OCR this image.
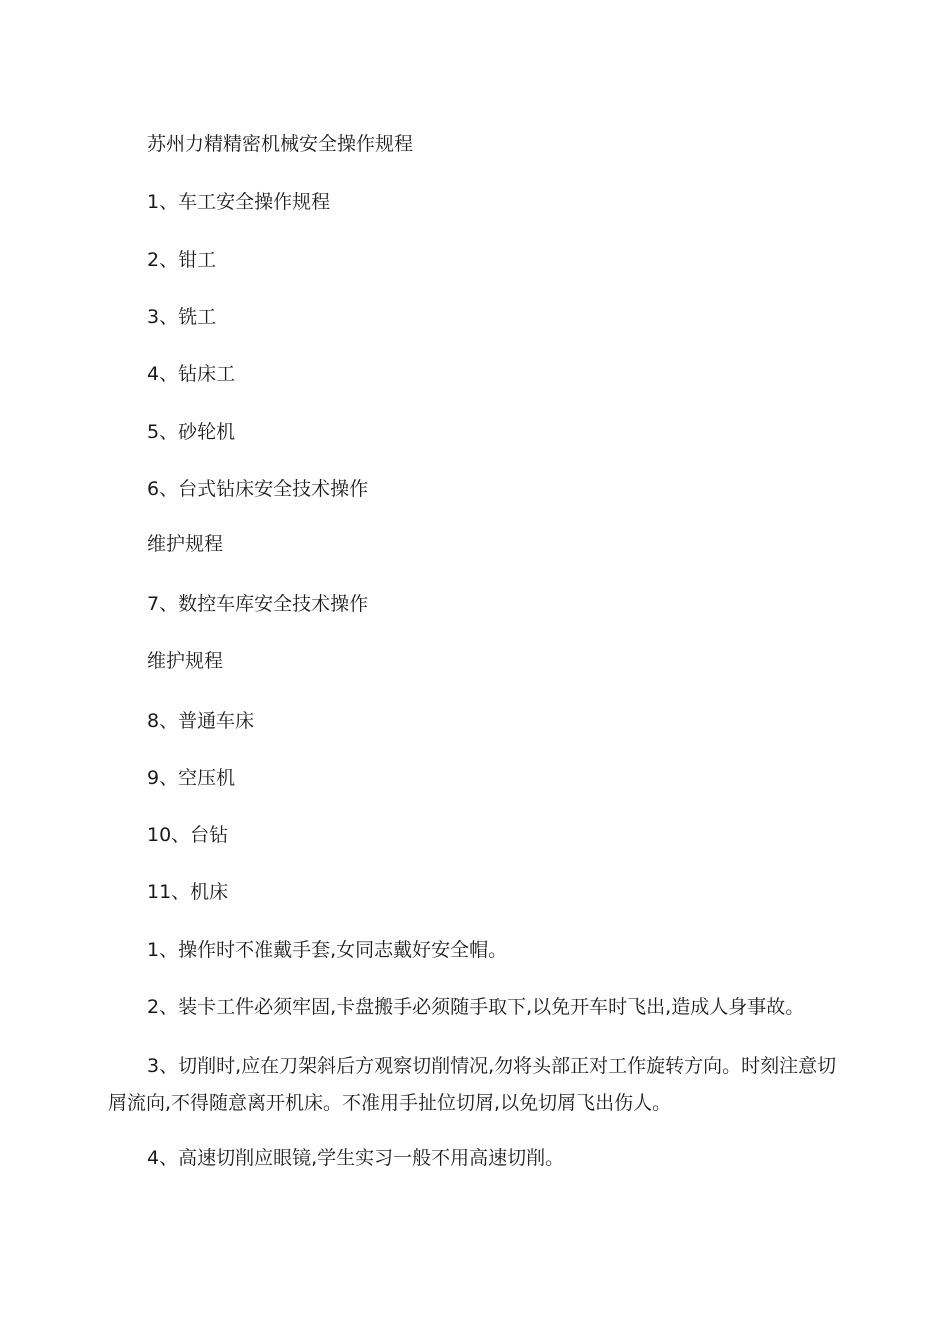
苏州力精精密机械安全操作规程
1、车工安全操作规程
2、钳工
3、铣工
4、钻床工
5、砂轮机
6、台式钻床安全技术操作
维护规程
7、数控车库安全技术操作
维护规程
8、普通车床
9、空压机
10、台钻
11、机床
1、操作时不准戴手套,女同志戴好安全帽。
2、装卡工件必须牢固,卡盘搬手必须随手取下,以免开车时飞出,造成人身事故。
3、切削时,应在刀架斜后方观察切削情况,勿将头部正对工作旋转方向。时刻注意切屑流向,不得随意离开机床。不准用手扯位切屑,以免切屑飞出伤人。
4、高速切削应眼镜,学生实习一般不用高速切削。
